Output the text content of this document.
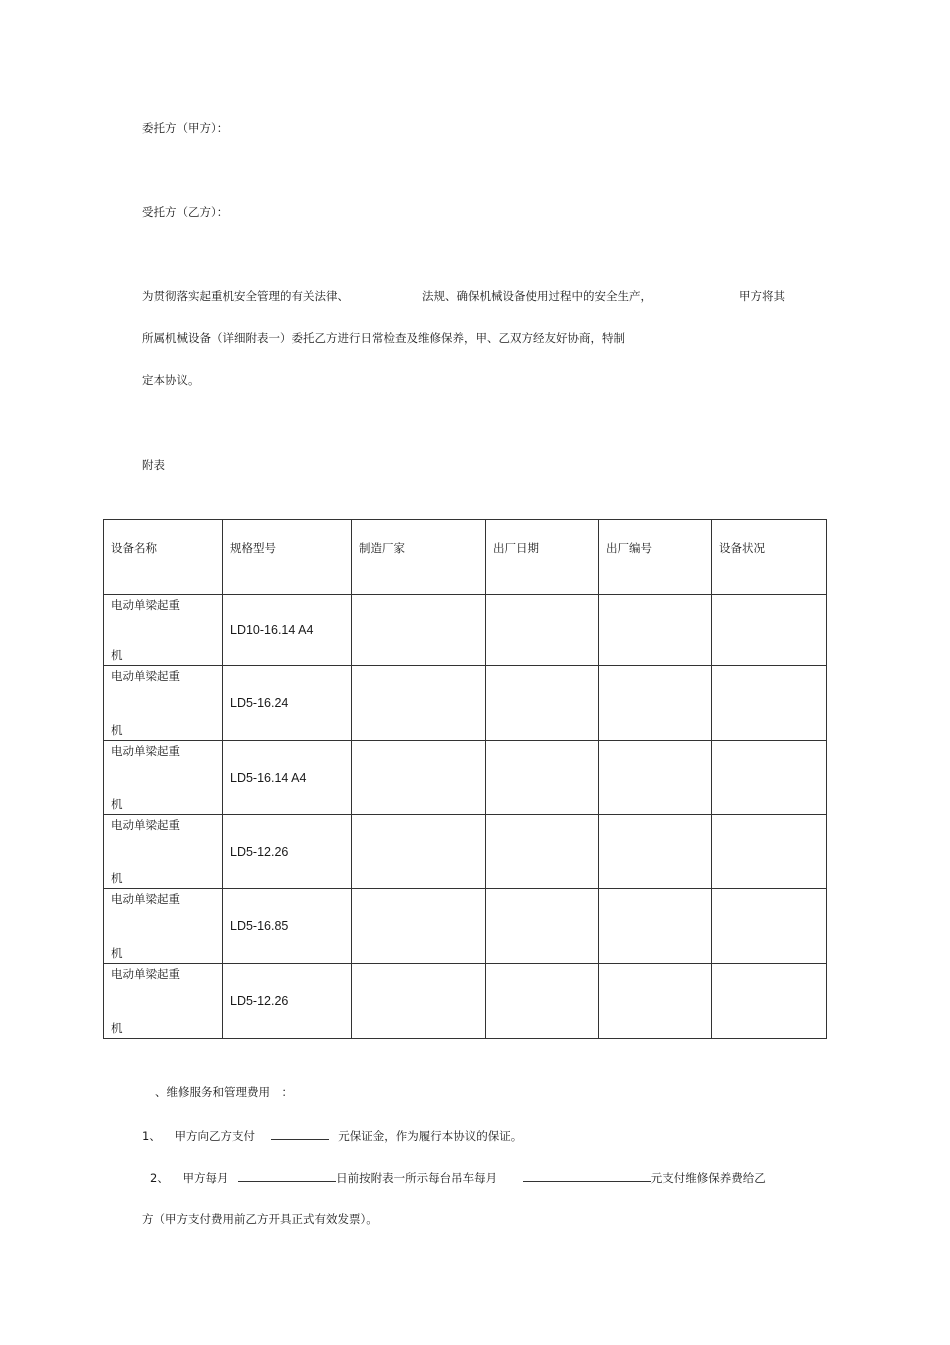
委托方（甲方）：
受托方（乙方）：
为贯彻落实起重机安全管理的有关法律、	法规、确保机械设备使用过程中的安全生产，	甲方将其
所属机械设备（详细附表一）委托乙方进行日常检查及维修保养，甲、乙双方经友好协商，特制
定本协议。
附表
设备名称	规格型号	制造厂家	出厂日期	出厂编号	设备状况

电动单梁起重
机	LD10-16.14 A4				

电动单梁起重
机	LD5-16.24				

电动单梁起重
机	LD5-16.14 A4				

电动单梁起重
机	LD5-12.26				

电动单梁起重
机	LD5-16.85				

电动单梁起重
机	LD5-12.26				

、维修服务和管理费用　：
1、 甲方向乙方支付	元保证金，作为履行本协议的保证。
2、 甲方每月	日前按附表一所示每台吊车每月	元支付维修保养费给乙
方（甲方支付费用前乙方开具正式有效发票）。
